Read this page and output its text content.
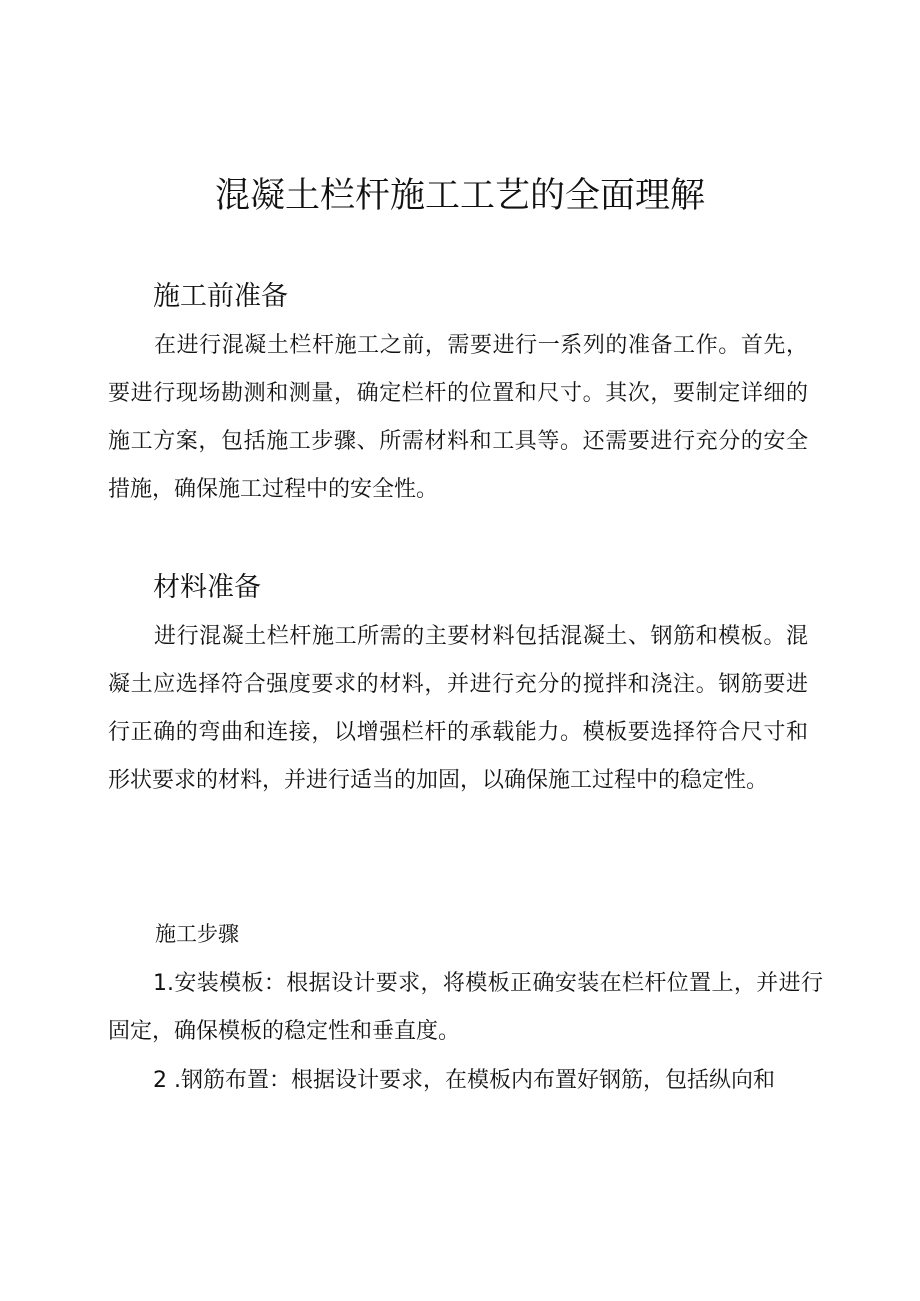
混凝土栏杆施工工艺的全面理解
施工前准备

在进行混凝土栏杆施工之前，需要进行一系列的准备工作。首先，要进行现场勘测和测量，确定栏杆的位置和尺寸。其次，要制定详细的施工方案，包括施工步骤、所需材料和工具等。还需要进行充分的安全措施，确保施工过程中的安全性。

材料准备

进行混凝土栏杆施工所需的主要材料包括混凝土、钢筋和模板。混凝土应选择符合强度要求的材料，并进行充分的搅拌和浇注。钢筋要进行正确的弯曲和连接，以增强栏杆的承载能力。模板要选择符合尺寸和形状要求的材料，并进行适当的加固，以确保施工过程中的稳定性。

施工步骤

1.安装模板：根据设计要求，将模板正确安装在栏杆位置上，并进行固定，确保模板的稳定性和垂直度。

2 .钢筋布置：根据设计要求，在模板内布置好钢筋，包括纵向和
